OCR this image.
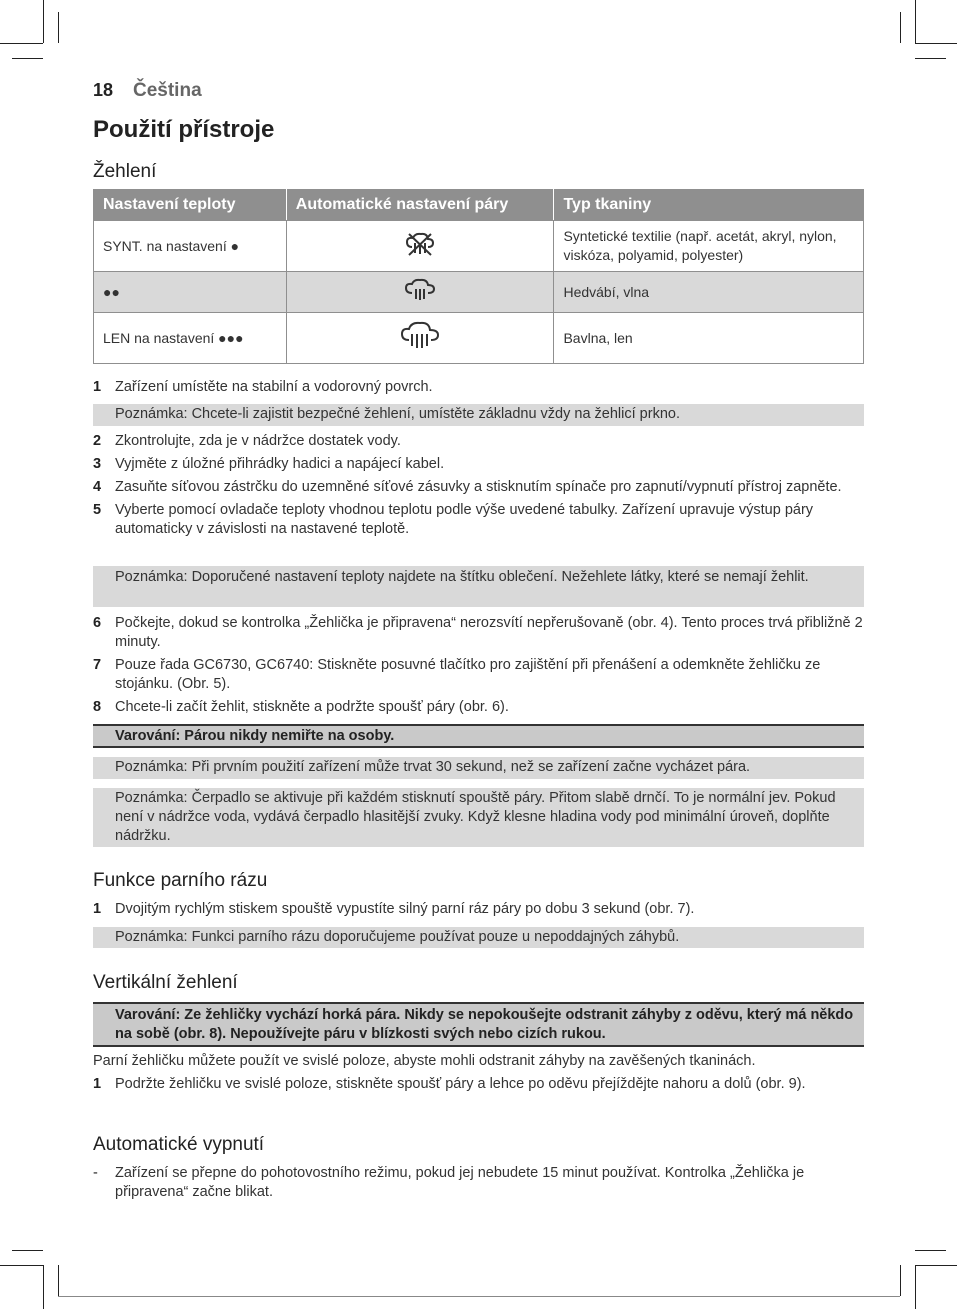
18	Čeština
Použití přístroje
Žehlení
Nastavení teploty	Automatické nastavení páry	Typ tkaniny
SYNT. na nastavení ●		Syntetické textilie (např. acetát, akryl, nylon, viskóza, polyamid, polyester)
●●		Hedvábí, vlna
LEN na nastavení ●●●		Bavlna, len
1 Zařízení umístěte na stabilní a vodorovný povrch.
Poznámka: Chcete-li zajistit bezpečné žehlení, umístěte základnu vždy na žehlicí prkno.
2 Zkontrolujte, zda je v nádržce dostatek vody.
3 Vyjměte z úložné přihrádky hadici a napájecí kabel.
4 Zasuňte síťovou zástrčku do uzemněné síťové zásuvky a stisknutím spínače pro zapnutí/vypnutí přístroj zapněte.
5 Vyberte pomocí ovladače teploty vhodnou teplotu podle výše uvedené tabulky. Zařízení upravuje výstup páry automaticky v závislosti na nastavené teplotě.
Poznámka: Doporučené nastavení teploty najdete na štítku oblečení. Nežehlete látky, které se nemají žehlit.
6 Počkejte, dokud se kontrolka „Žehlička je připravena“ nerozsvítí nepřerušovaně (obr. 4). Tento proces trvá přibližně 2 minuty.
7 Pouze řada GC6730, GC6740: Stiskněte posuvné tlačítko pro zajištění při přenášení a odemkněte žehličku ze stojánku. (Obr. 5).
8 Chcete-li začít žehlit, stiskněte a podržte spoušť páry (obr. 6).
Varování: Párou nikdy nemiřte na osoby.
Poznámka: Při prvním použití zařízení může trvat 30 sekund, než se zařízení začne vycházet pára.
Poznámka: Čerpadlo se aktivuje při každém stisknutí spouště páry. Přitom slabě drnčí. To je normální jev. Pokud není v nádržce voda, vydává čerpadlo hlasitější zvuky. Když klesne hladina vody pod minimální úroveň, doplňte nádržku.
Funkce parního rázu
1 Dvojitým rychlým stiskem spouště vypustíte silný parní ráz páry po dobu 3 sekund (obr. 7).
Poznámka: Funkci parního rázu doporučujeme používat pouze u nepoddajných záhybů.
Vertikální žehlení
Varování: Ze žehličky vychází horká pára. Nikdy se nepokoušejte odstranit záhyby z oděvu, který má někdo na sobě (obr. 8). Nepoužívejte páru v blízkosti svých nebo cizích rukou.
Parní žehličku můžete použít ve svislé poloze, abyste mohli odstranit záhyby na zavěšených tkaninách.
1 Podržte žehličku ve svislé poloze, stiskněte spoušť páry a lehce po oděvu přejíždějte nahoru a dolů (obr. 9).
Automatické vypnutí
-	Zařízení se přepne do pohotovostního režimu, pokud jej nebudete 15 minut používat. Kontrolka „Žehlička je připravena“ začne blikat.
